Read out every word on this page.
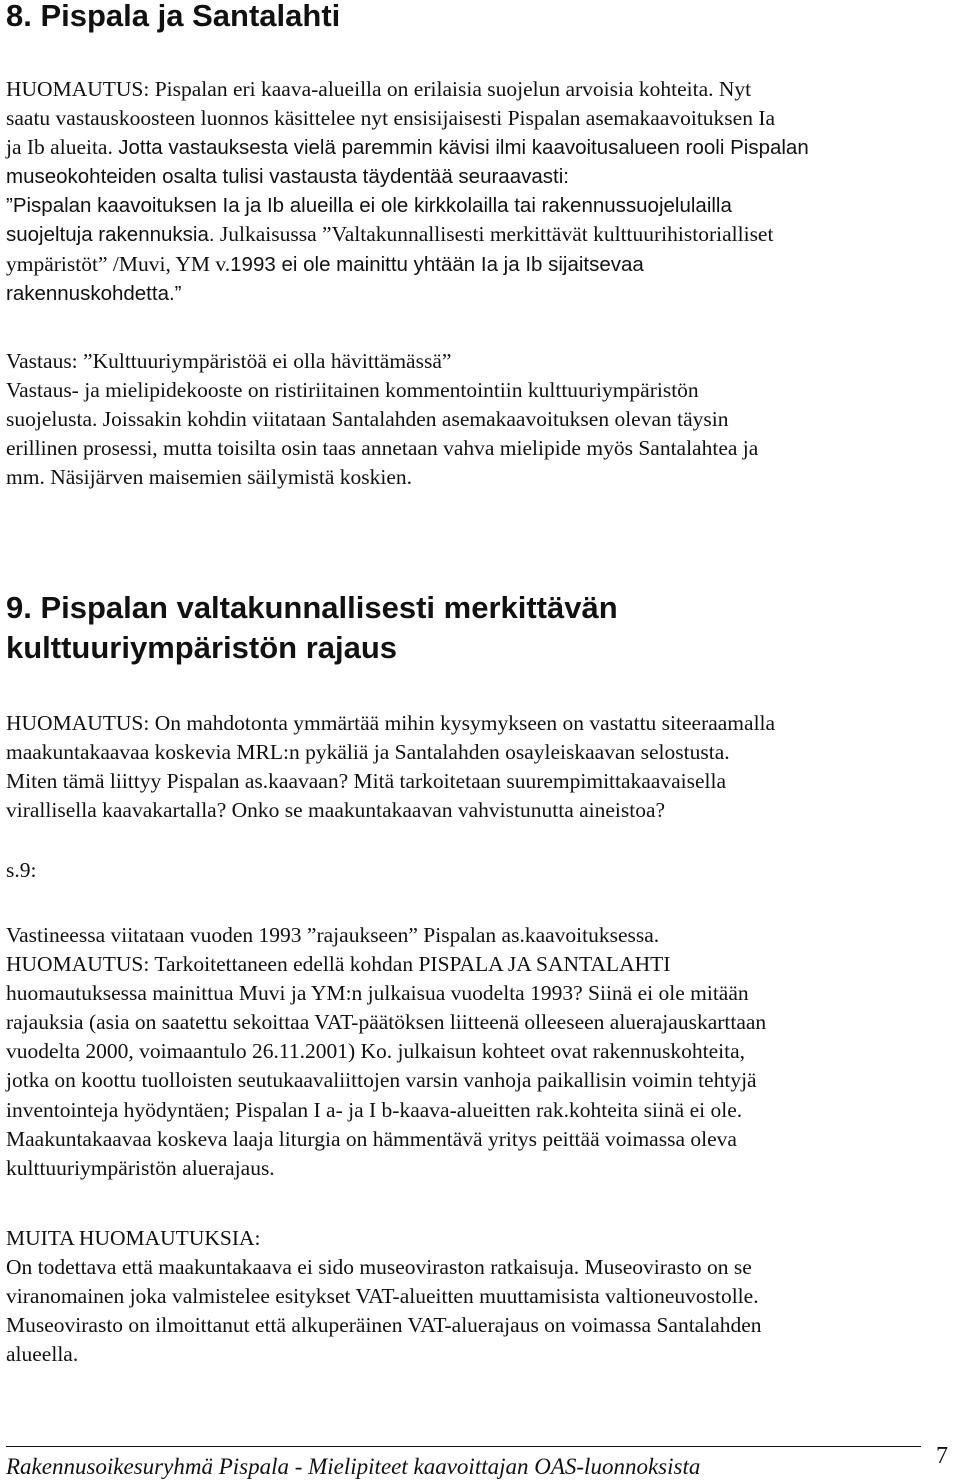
8. Pispala ja Santalahti
HUOMAUTUS: Pispalan eri kaava-alueilla on erilaisia suojelun arvoisia kohteita. Nyt
saatu vastauskoosteen luonnos käsittelee nyt ensisijaisesti Pispalan asemakaavoituksen Ia
ja Ib alueita. Jotta vastauksesta vielä paremmin kävisi ilmi kaavoitusalueen rooli Pispalan
museokohteiden osalta tulisi vastausta täydentää seuraavasti:
”Pispalan kaavoituksen Ia ja Ib alueilla ei ole kirkkolailla tai rakennussuojelulailla
suojeltuja rakennuksia. Julkaisussa ”Valtakunnallisesti merkittävät kulttuurihistorialliset
ympäristöt” /Muvi, YM v.1993 ei ole mainittu yhtään Ia ja Ib sijaitsevaa
rakennuskohdetta.”
Vastaus: ”Kulttuuriympäristöä ei olla hävittämässä”
Vastaus- ja mielipidekooste on ristiriitainen kommentointiin kulttuuriympäristön
suojelusta. Joissakin kohdin viitataan Santalahden asemakaavoituksen olevan täysin
erillinen prosessi, mutta toisilta osin taas annetaan vahva mielipide myös Santalahtea ja
mm. Näsijärven maisemien säilymistä koskien.
9. Pispalan valtakunnallisesti merkittävän
kulttuuriympäristön rajaus
HUOMAUTUS: On mahdotonta ymmärtää mihin kysymykseen on vastattu siteeraamalla
maakuntakaavaa koskevia MRL:n pykäliä ja Santalahden osayleiskaavan selostusta.
Miten tämä liittyy Pispalan as.kaavaan? Mitä tarkoitetaan suurempimittakaavaisella
virallisella kaavakartalla? Onko se maakuntakaavan vahvistunutta aineistoa?
s.9:
Vastineessa viitataan vuoden 1993 ”rajaukseen” Pispalan as.kaavoituksessa.
HUOMAUTUS: Tarkoitettaneen edellä kohdan PISPALA JA SANTALAHTI
huomautuksessa mainittua Muvi ja YM:n julkaisua vuodelta 1993? Siinä ei ole mitään
rajauksia (asia on saatettu sekoittaa VAT-päätöksen liitteenä olleeseen aluerajauskarttaan
vuodelta 2000, voimaantulo 26.11.2001) Ko. julkaisun kohteet ovat rakennuskohteita,
jotka on koottu tuolloisten seutukaavaliittojen varsin vanhoja paikallisin voimin tehtyjä
inventointeja hyödyntäen; Pispalan I a- ja I b-kaava-alueitten rak.kohteita siinä ei ole.
Maakuntakaavaa koskeva laaja liturgia on hämmentävä yritys peittää voimassa oleva
kulttuuriympäristön aluerajaus.
MUITA HUOMAUTUKSIA:
On todettava että maakuntakaava ei sido museoviraston ratkaisuja. Museovirasto on se
viranomainen joka valmistelee esitykset VAT-alueitten muuttamisista valtioneuvostolle.
Museovirasto on ilmoittanut että alkuperäinen VAT-aluerajaus on voimassa Santalahden
alueella.
Rakennusoikesuryhmä Pispala - Mielipiteet kaavoittajan OAS-luonnoksista	7
